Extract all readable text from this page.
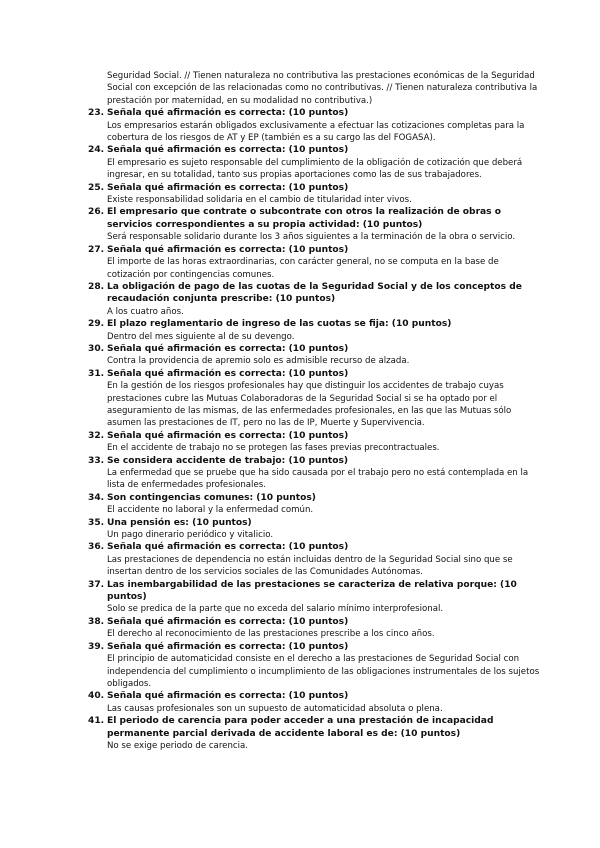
Seguridad Social. // Tienen naturaleza no contributiva las prestaciones económicas de la Seguridad Social con excepción de las relacionadas como no contributivas. // Tienen naturaleza contributiva la prestación por maternidad, en su modalidad no contributiva.)
23. Señala qué afirmación es correcta: (10 puntos)
Los empresarios estarán obligados exclusivamente a efectuar las cotizaciones completas para la cobertura de los riesgos de AT y EP (también es a su cargo las del FOGASA).
24. Señala qué afirmación es correcta: (10 puntos)
El empresario es sujeto responsable del cumplimiento de la obligación de cotización que deberá ingresar, en su totalidad, tanto sus propias aportaciones como las de sus trabajadores.
25. Señala qué afirmación es correcta: (10 puntos)
Existe responsabilidad solidaria en el cambio de titularidad inter vivos.
26. El empresario que contrate o subcontrate con otros la realización de obras o servicios correspondientes a su propia actividad: (10 puntos)
Será responsable solidario durante los 3 años siguientes a la terminación de la obra o servicio.
27. Señala qué afirmación es correcta: (10 puntos)
El importe de las horas extraordinarias, con carácter general, no se computa en la base de cotización por contingencias comunes.
28. La obligación de pago de las cuotas de la Seguridad Social y de los conceptos de recaudación conjunta prescribe: (10 puntos)
A los cuatro años.
29. El plazo reglamentario de ingreso de las cuotas se fija: (10 puntos)
Dentro del mes siguiente al de su devengo.
30. Señala qué afirmación es correcta: (10 puntos)
Contra la providencia de apremio solo es admisible recurso de alzada.
31. Señala qué afirmación es correcta: (10 puntos)
En la gestión de los riesgos profesionales hay que distinguir los accidentes de trabajo cuyas prestaciones cubre las Mutuas Colaboradoras de la Seguridad Social si se ha optado por el aseguramiento de las mismas, de las enfermedades profesionales, en las que las Mutuas sólo asumen las prestaciones de IT, pero no las de IP, Muerte y Supervivencia.
32. Señala qué afirmación es correcta: (10 puntos)
En el accidente de trabajo no se protegen las fases previas precontractuales.
33. Se considera accidente de trabajo: (10 puntos)
La enfermedad que se pruebe que ha sido causada por el trabajo pero no está contemplada en la lista de enfermedades profesionales.
34. Son contingencias comunes: (10 puntos)
El accidente no laboral y la enfermedad común.
35. Una pensión es: (10 puntos)
Un pago dinerario periódico y vitalicio.
36. Señala qué afirmación es correcta: (10 puntos)
Las prestaciones de dependencia no están incluidas dentro de la Seguridad Social sino que se insertan dentro de los servicios sociales de las Comunidades Autónomas.
37. Las inembargabilidad de las prestaciones se caracteriza de relativa porque: (10 puntos)
Solo se predica de la parte que no exceda del salario mínimo interprofesional.
38. Señala qué afirmación es correcta: (10 puntos)
El derecho al reconocimiento de las prestaciones prescribe a los cinco años.
39. Señala qué afirmación es correcta: (10 puntos)
El principio de automaticidad consiste en el derecho a las prestaciones de Seguridad Social con independencia del cumplimiento o incumplimiento de las obligaciones instrumentales de los sujetos obligados.
40. Señala qué afirmación es correcta: (10 puntos)
Las causas profesionales son un supuesto de automaticidad absoluta o plena.
41. El periodo de carencia para poder acceder a una prestación de incapacidad permanente parcial derivada de accidente laboral es de: (10 puntos)
No se exige periodo de carencia.
